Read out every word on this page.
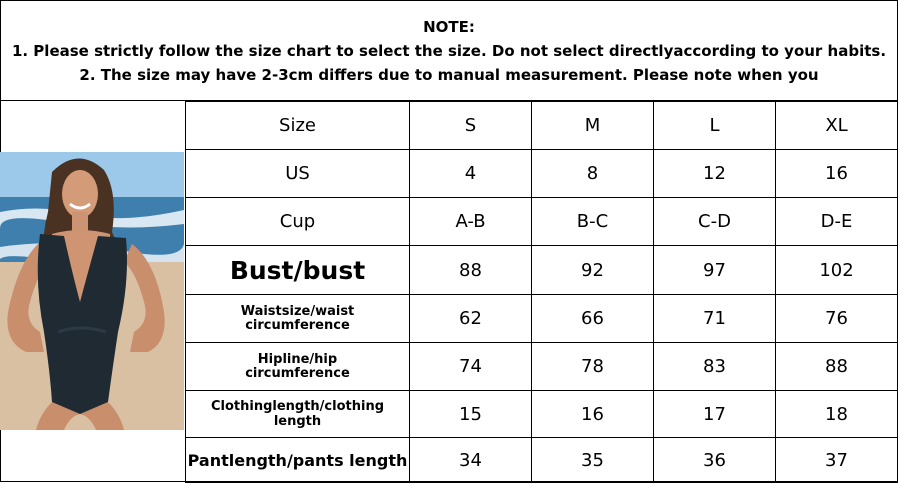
NOTE:
1. Please strictly follow the size chart to select the size. Do not select directlyaccording to your habits.
2. The size may have 2-3cm differs due to manual measurement. Please note when you
Size	S	M	L	XL
US	4	8	12	16
Cup	A-B	B-C	C-D	D-E
Bust/bust	88	92	97	102

Waistsize/waist
circumference	62	66	71	76

Hipline/hip
circumference	74	78	83	88
Clothinglength/clothing length	15	16	17	18
Pantlength/pants length	34	35	36	37
